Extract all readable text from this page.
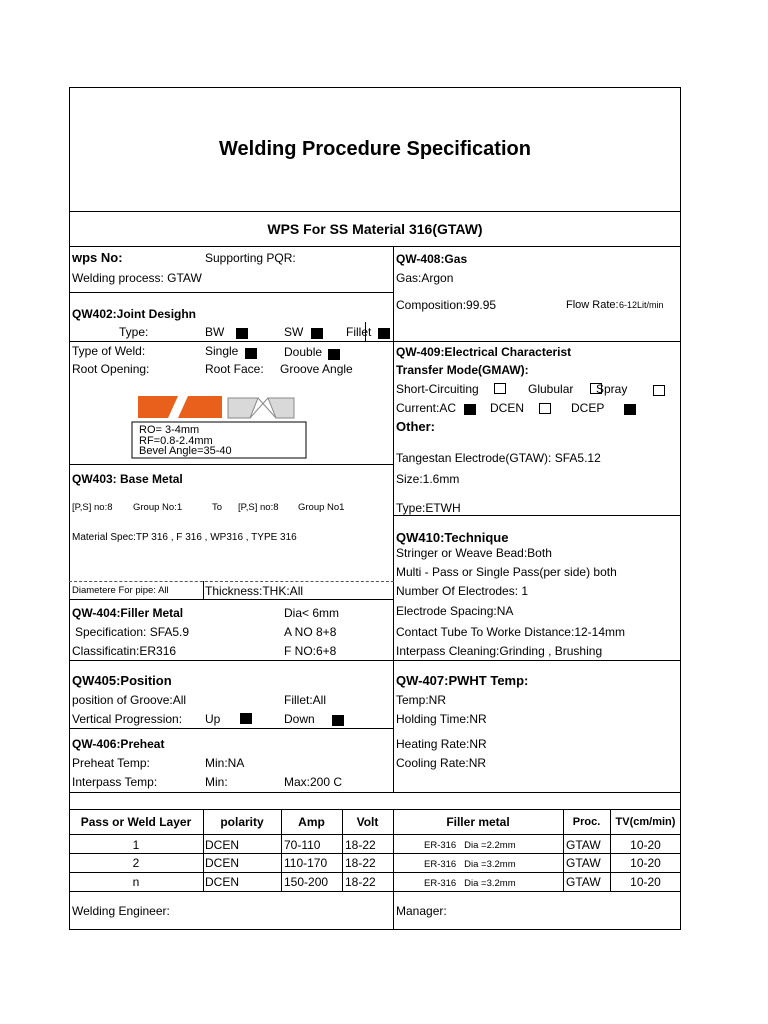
Welding Procedure Specification
WPS For SS Material 316(GTAW)
wps No:	Supporting PQR:
Welding process: GTAW
QW402:Joint Desighn
Type:	BW	SW	Fillet
Type of Weld:	Single	Double
Root Opening:	Root Face: Groove Angle
RO= 3-4mm
RF=0.8-2.4mm
Bevel Angle=35-40
QW403: Base Metal
[P,S] no:8 Group No:1	To [P,S] no:8 Group No1
Material Spec:TP 316 , F 316 , WP316 , TYPE 316
Diametere For pipe: All	Thickness:THK:All
QW-404:Filler Metal	Dia< 6mm
Specification: SFA5.9	A NO 8+8
Classificatin:ER316	F NO:6+8
QW405:Position
position of Groove:All	Fillet:All
Vertical Progression: Up	Down
QW-406:Preheat
Preheat Temp:	Min:NA
Interpass Temp:	Min:	Max:200 C
QW-408:Gas
Gas:Argon
Composition:99.95	Flow Rate: 6-12Lit/min
QW-409:Electrical Characterist
Transfer Mode(GMAW):
Short-Circuiting	Glubular Spray
Current:AC	DCEN	DCEP
Other:
Tangestan Electrode(GTAW): SFA5.12
Size:1.6mm
Type:ETWH
QW410:Technique
Stringer or Weave Bead:Both
Multi - Pass or Single Pass(per side) both
Number Of Electrodes: 1
Electrode Spacing:NA
Contact Tube To Worke Distance:12-14mm
Interpass Cleaning:Grinding , Brushing
QW-407:PWHT Temp:
Temp:NR
Holding Time:NR
Heating Rate:NR
Cooling Rate:NR
Pass or Weld Layer	polarity	Amp	Volt	Filler metal	Proc.	TV(cm/min)
1	DCEN	70-110 18-22	ER-316   Dia =2.2mm	GTAW	10-20
2	DCEN	110-170 18-22	ER-316   Dia =3.2mm	GTAW	10-20
n	DCEN	150-200 18-22	ER-316   Dia =3.2mm	GTAW	10-20
Welding Engineer:	Manager:
